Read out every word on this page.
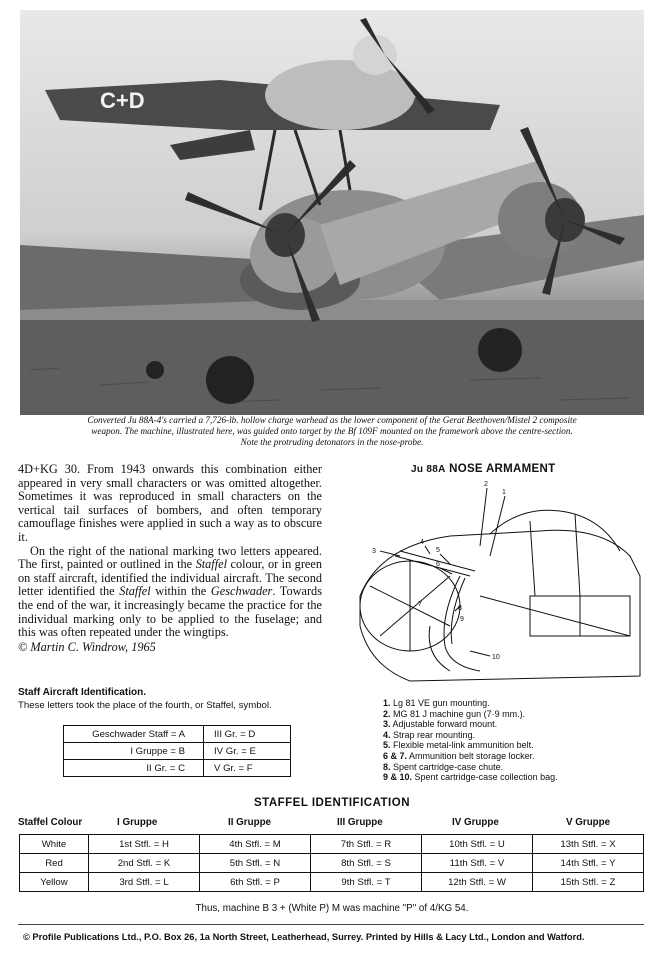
C+D
Converted Ju 88A-4's carried a 7,726-lb. hollow charge warhead as the lower component of the Gerat Beethoven/Mistel 2 composite
weapon. The machine, illustrated here, was guided onto target by the Bf 109F mounted on the framework above the centre-section.
Note the protruding detonators in the nose-probe.

4D+KG 30. From 1943 onwards this combination either appeared in very small characters or was omitted altogether. Sometimes it was reproduced in small characters on the vertical tail surfaces of bombers, and often temporary camouflage finishes were applied in such a way as to obscure it.

On the right of the national marking two letters appeared. The first, painted or outlined in the Staffel colour, or in green on staff aircraft, identified the individual aircraft. The second letter identified the Staffel within the Geschwader. Towards the end of the war, it increasingly became the practice for the individual marking only to be applied to the fuselage; and this was often repeated under the wingtips.

© Martin C. Windrow, 1965

Ju 88A NOSE ARMAMENT
2
1
3
4
5
6
7
8
9
10
1. Lg 81 VE gun mounting.
2. MG 81 J machine gun (7·9 mm.).
3. Adjustable forward mount.
4. Strap rear mounting.
5. Flexible metal-link ammunition belt.
6 & 7. Ammunition belt storage locker.
8. Spent cartridge-case chute.
9 & 10. Spent cartridge-case collection bag.
Staff Aircraft Identification.
These letters took the place of the fourth, or Staffel, symbol.
Geschwader Staff = A	III Gr. = D
I Gruppe = B	IV Gr. = E
II Gr. = C	V Gr. = F
STAFFEL IDENTIFICATION
Staffel Colour	I Gruppe	II Gruppe	III Gruppe	IV Gruppe	V Gruppe
White	1st Stfl. = H	4th Stfl. = M	7th Stfl. = R	10th Stfl. = U	13th Stfl. = X
Red	2nd Stfl. = K	5th Stfl. = N	8th Stfl. = S	11th Stfl. = V	14th Stfl. = Y
Yellow	3rd Stfl. = L	6th Stfl. = P	9th Stfl. = T	12th Stfl. = W	15th Stfl. = Z
Thus, machine B 3 + (White P) M was machine "P" of 4/KG 54.
© Profile Publications Ltd., P.O. Box 26, 1a North Street, Leatherhead, Surrey. Printed by Hills & Lacy Ltd., London and Watford.
